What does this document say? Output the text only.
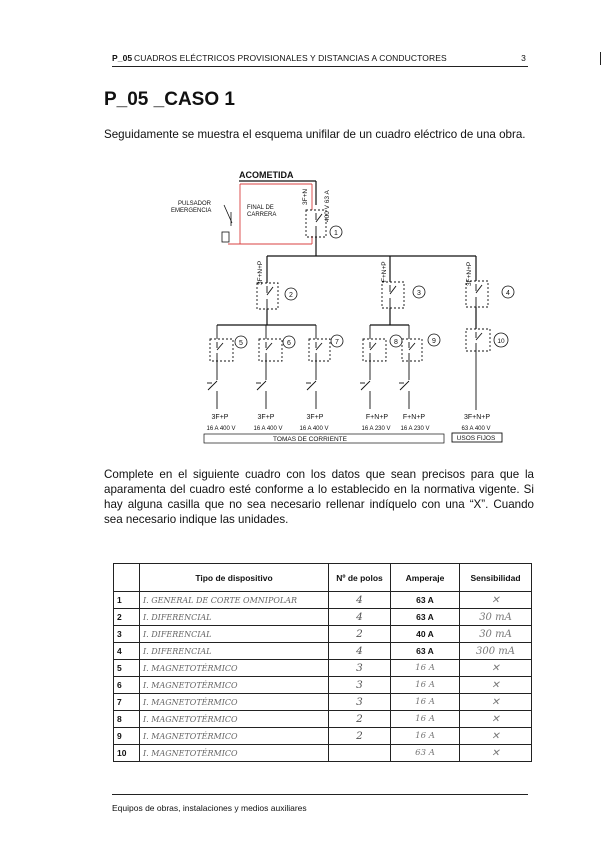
P_05 CUADROS ELÉCTRICOS PROVISIONALES Y DISTANCIAS A CONDUCTORES	3
P_05 _CASO 1
Seguidamente se muestra el esquema unifilar de un cuadro eléctrico de una obra.
ACOMETIDA
3F+N 400 V 63 A
PULSADOR
EMERGENCIA	FINAL DE
CARRERA
1
3F+N+P
2
F+N+P
3
3F+N+P
4
5	6	7	8	9	10
3F+P
16 A 400 V
3F+P
16 A 400 V
3F+P
16 A 400 V
F+N+P
16 A 230 V
F+N+P
16 A 230 V
3F+N+P
63 A 400 V
TOMAS DE CORRIENTE	USOS FIJOS
Complete en el siguiente cuadro con los datos que sean precisos para que la aparamenta del cuadro esté conforme a lo establecido en la normativa vigente. Si hay alguna casilla que no sea necesario rellenar indíquelo con una “X”. Cuando sea necesario indique las unidades.
	Tipo de dispositivo	Nº de polos	Amperaje	Sensibilidad
1	I. GENERAL DE CORTE OMNIPOLAR	4	63 A	✕
2	I. DIFERENCIAL	4	63 A	30 mA
3	I. DIFERENCIAL	2	40 A	30 mA
4	I. DIFERENCIAL	4	63 A	300 mA
5	I. MAGNETOTÉRMICO	3	16 A	✕
6	I. MAGNETOTÉRMICO	3	16 A	✕
7	I. MAGNETOTÉRMICO	3	16 A	✕
8	I. MAGNETOTÉRMICO	2	16 A	✕
9	I. MAGNETOTÉRMICO	2	16 A	✕
10	I. MAGNETOTÉRMICO		63 A	✕
Equipos de obras, instalaciones y medios auxiliares
